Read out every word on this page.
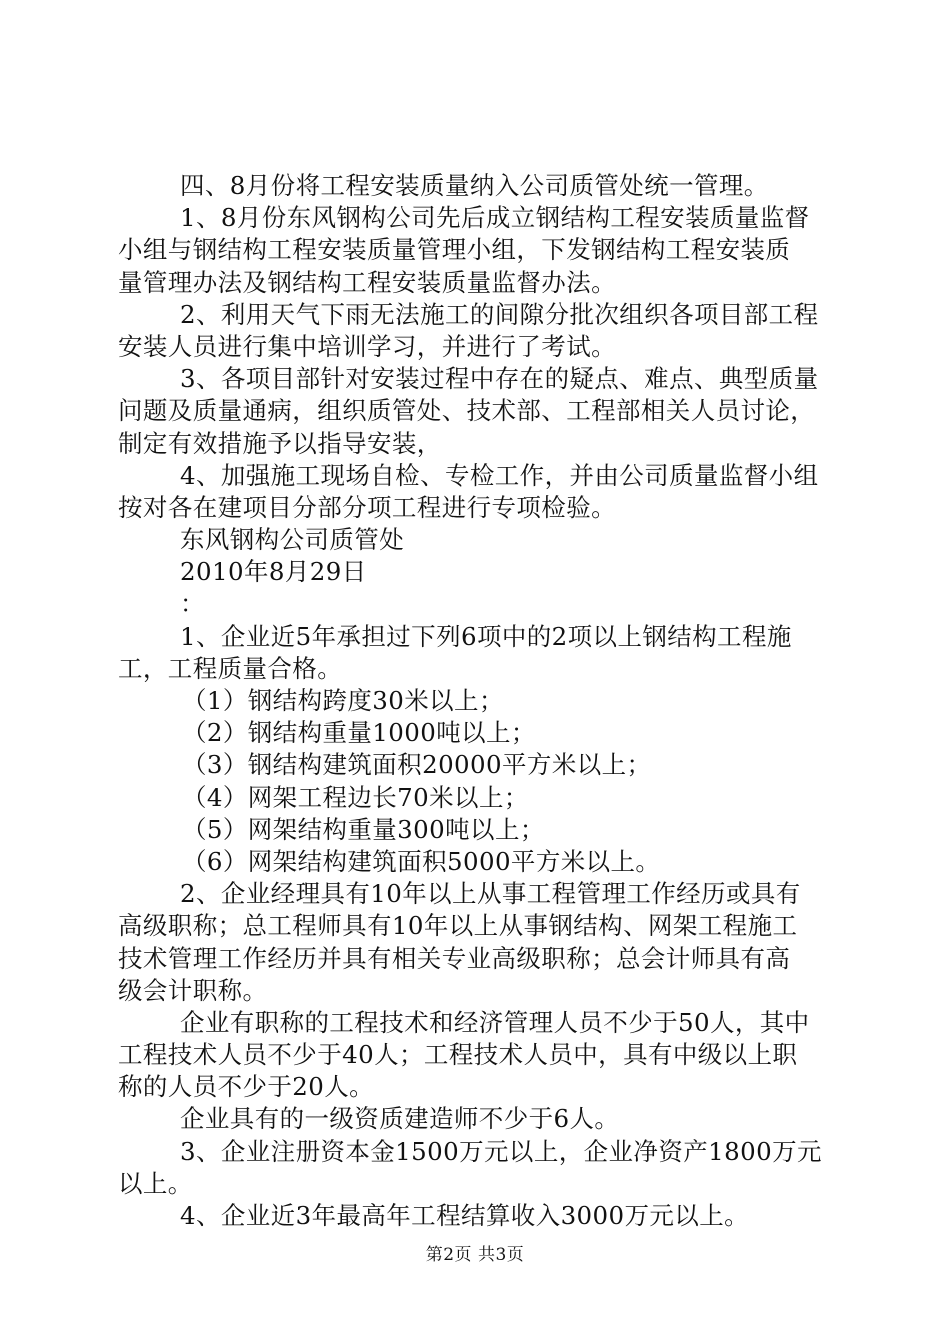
四、8月份将工程安装质量纳入公司质管处统一管理。
1、8月份东风钢构公司先后成立钢结构工程安装质量监督
小组与钢结构工程安装质量管理小组，下发钢结构工程安装质
量管理办法及钢结构工程安装质量监督办法。
2、利用天气下雨无法施工的间隙分批次组织各项目部工程
安装人员进行集中培训学习，并进行了考试。
3、各项目部针对安装过程中存在的疑点、难点、典型质量
问题及质量通病，组织质管处、技术部、工程部相关人员讨论，
制定有效措施予以指导安装，
4、加强施工现场自检、专检工作，并由公司质量监督小组
按对各在建项目分部分项工程进行专项检验。
东风钢构公司质管处
2010年8月29日
：
1、企业近5年承担过下列6项中的2项以上钢结构工程施
工，工程质量合格。
（1）钢结构跨度30米以上；
（2）钢结构重量1000吨以上；
（3）钢结构建筑面积20000平方米以上；
（4）网架工程边长70米以上；
（5）网架结构重量300吨以上；
（6）网架结构建筑面积5000平方米以上。
2、企业经理具有10年以上从事工程管理工作经历或具有
高级职称；总工程师具有10年以上从事钢结构、网架工程施工
技术管理工作经历并具有相关专业高级职称；总会计师具有高
级会计职称。
企业有职称的工程技术和经济管理人员不少于50人，其中
工程技术人员不少于40人；工程技术人员中，具有中级以上职
称的人员不少于20人。
企业具有的一级资质建造师不少于6人。
3、企业注册资本金1500万元以上，企业净资产1800万元
以上。
4、企业近3年最高年工程结算收入3000万元以上。
第2页 共3页
